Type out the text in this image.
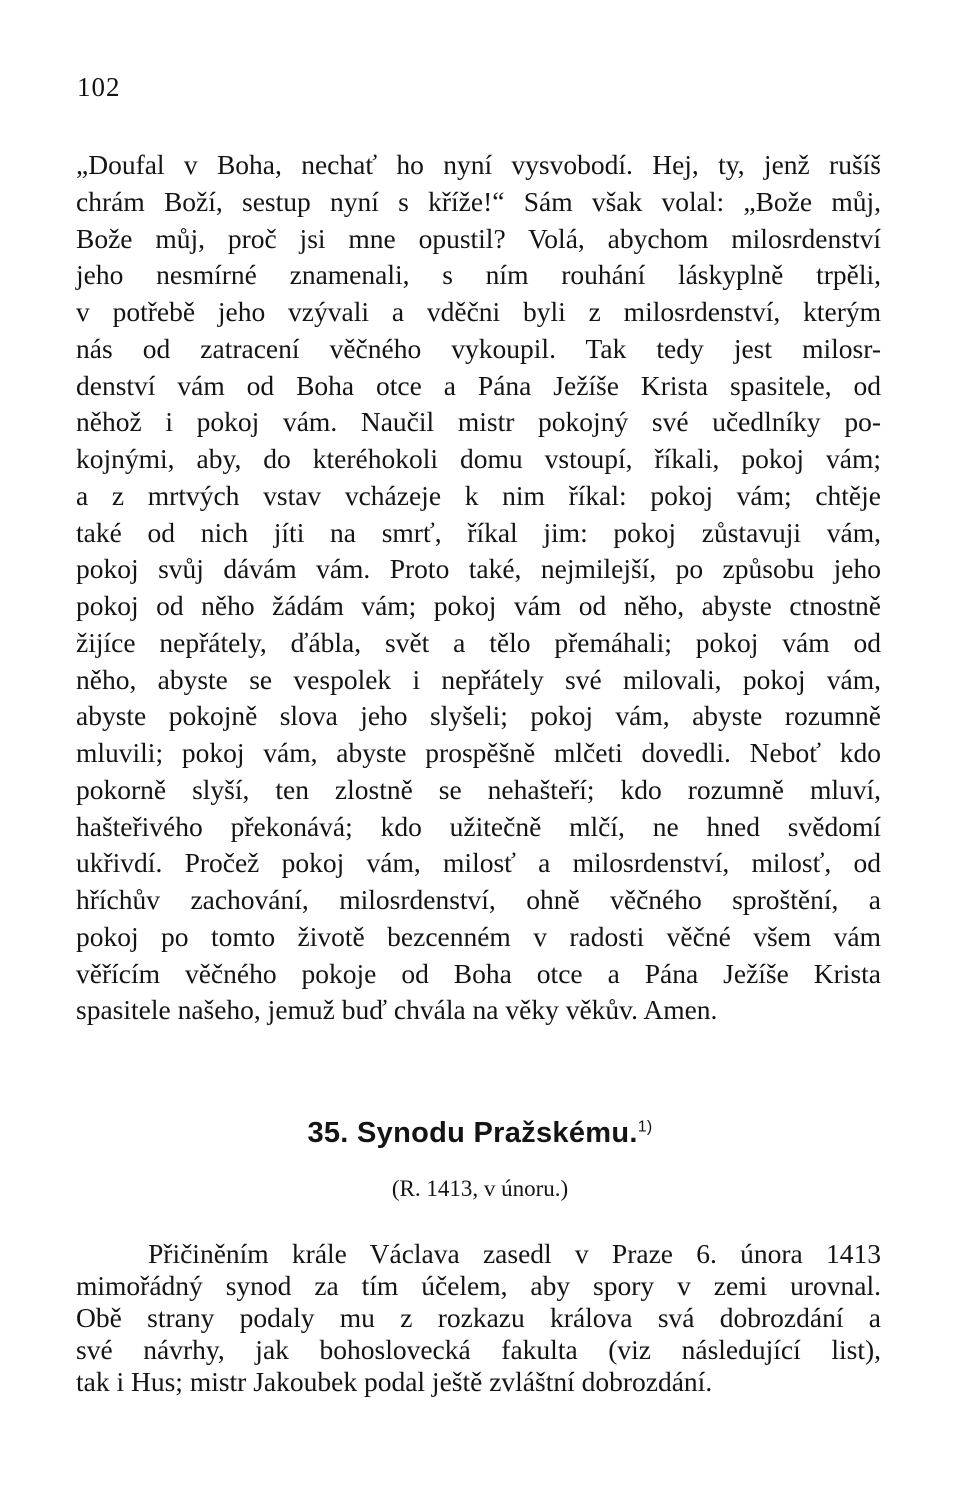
102
„Doufal v Boha, nechať ho nyní vysvobodí. Hej, ty, jenž rušíš
chrám Boží, sestup nyní s kříže!“ Sám však volal: „Bože můj,
Bože můj, proč jsi mne opustil? Volá, abychom milosrdenství
jeho nesmírné znamenali, s ním rouhání láskyplně trpěli,
v potřebě jeho vzývali a vděčni byli z milosrdenství, kterým
nás od zatracení věčného vykoupil. Tak tedy jest milosr-
denství vám od Boha otce a Pána Ježíše Krista spasitele, od
něhož i pokoj vám. Naučil mistr pokojný své učedlníky po-
kojnými, aby, do kteréhokoli domu vstoupí, říkali, pokoj vám;
a z mrtvých vstav vcházeje k nim říkal: pokoj vám; chtěje
také od nich jíti na smrť, říkal jim: pokoj zůstavuji vám,
pokoj svůj dávám vám. Proto také, nejmilejší, po způsobu jeho
pokoj od něho žádám vám; pokoj vám od něho, abyste ctnostně
žijíce nepřátely, ďábla, svět a tělo přemáhali; pokoj vám od
něho, abyste se vespolek i nepřátely své milovali, pokoj vám,
abyste pokojně slova jeho slyšeli; pokoj vám, abyste rozumně
mluvili; pokoj vám, abyste prospěšně mlčeti dovedli. Neboť kdo
pokorně slyší, ten zlostně se nehašteří; kdo rozumně mluví,
hašteřivého překonává; kdo užitečně mlčí, ne hned svědomí
ukřivdí. Pročež pokoj vám, milosť a milosrdenství, milosť, od
hříchův zachování, milosrdenství, ohně věčného sproštění, a
pokoj po tomto životě bezcenném v radosti věčné všem vám
věřícím věčného pokoje od Boha otce a Pána Ježíše Krista
spasitele našeho, jemuž buď chvála na věky věkův. Amen.
35. Synodu Pražskému.$^{1)}$
(R. 1413, v únoru.)
Přičiněním krále Václava zasedl v Praze 6. února 1413
mimořádný synod za tím účelem, aby spory v zemi urovnal.
Obě strany podaly mu z rozkazu králova svá dobrozdání a
své návrhy, jak bohoslovecká fakulta (viz následující list),
tak i Hus; mistr Jakoubek podal ještě zvláštní dobrozdání.
